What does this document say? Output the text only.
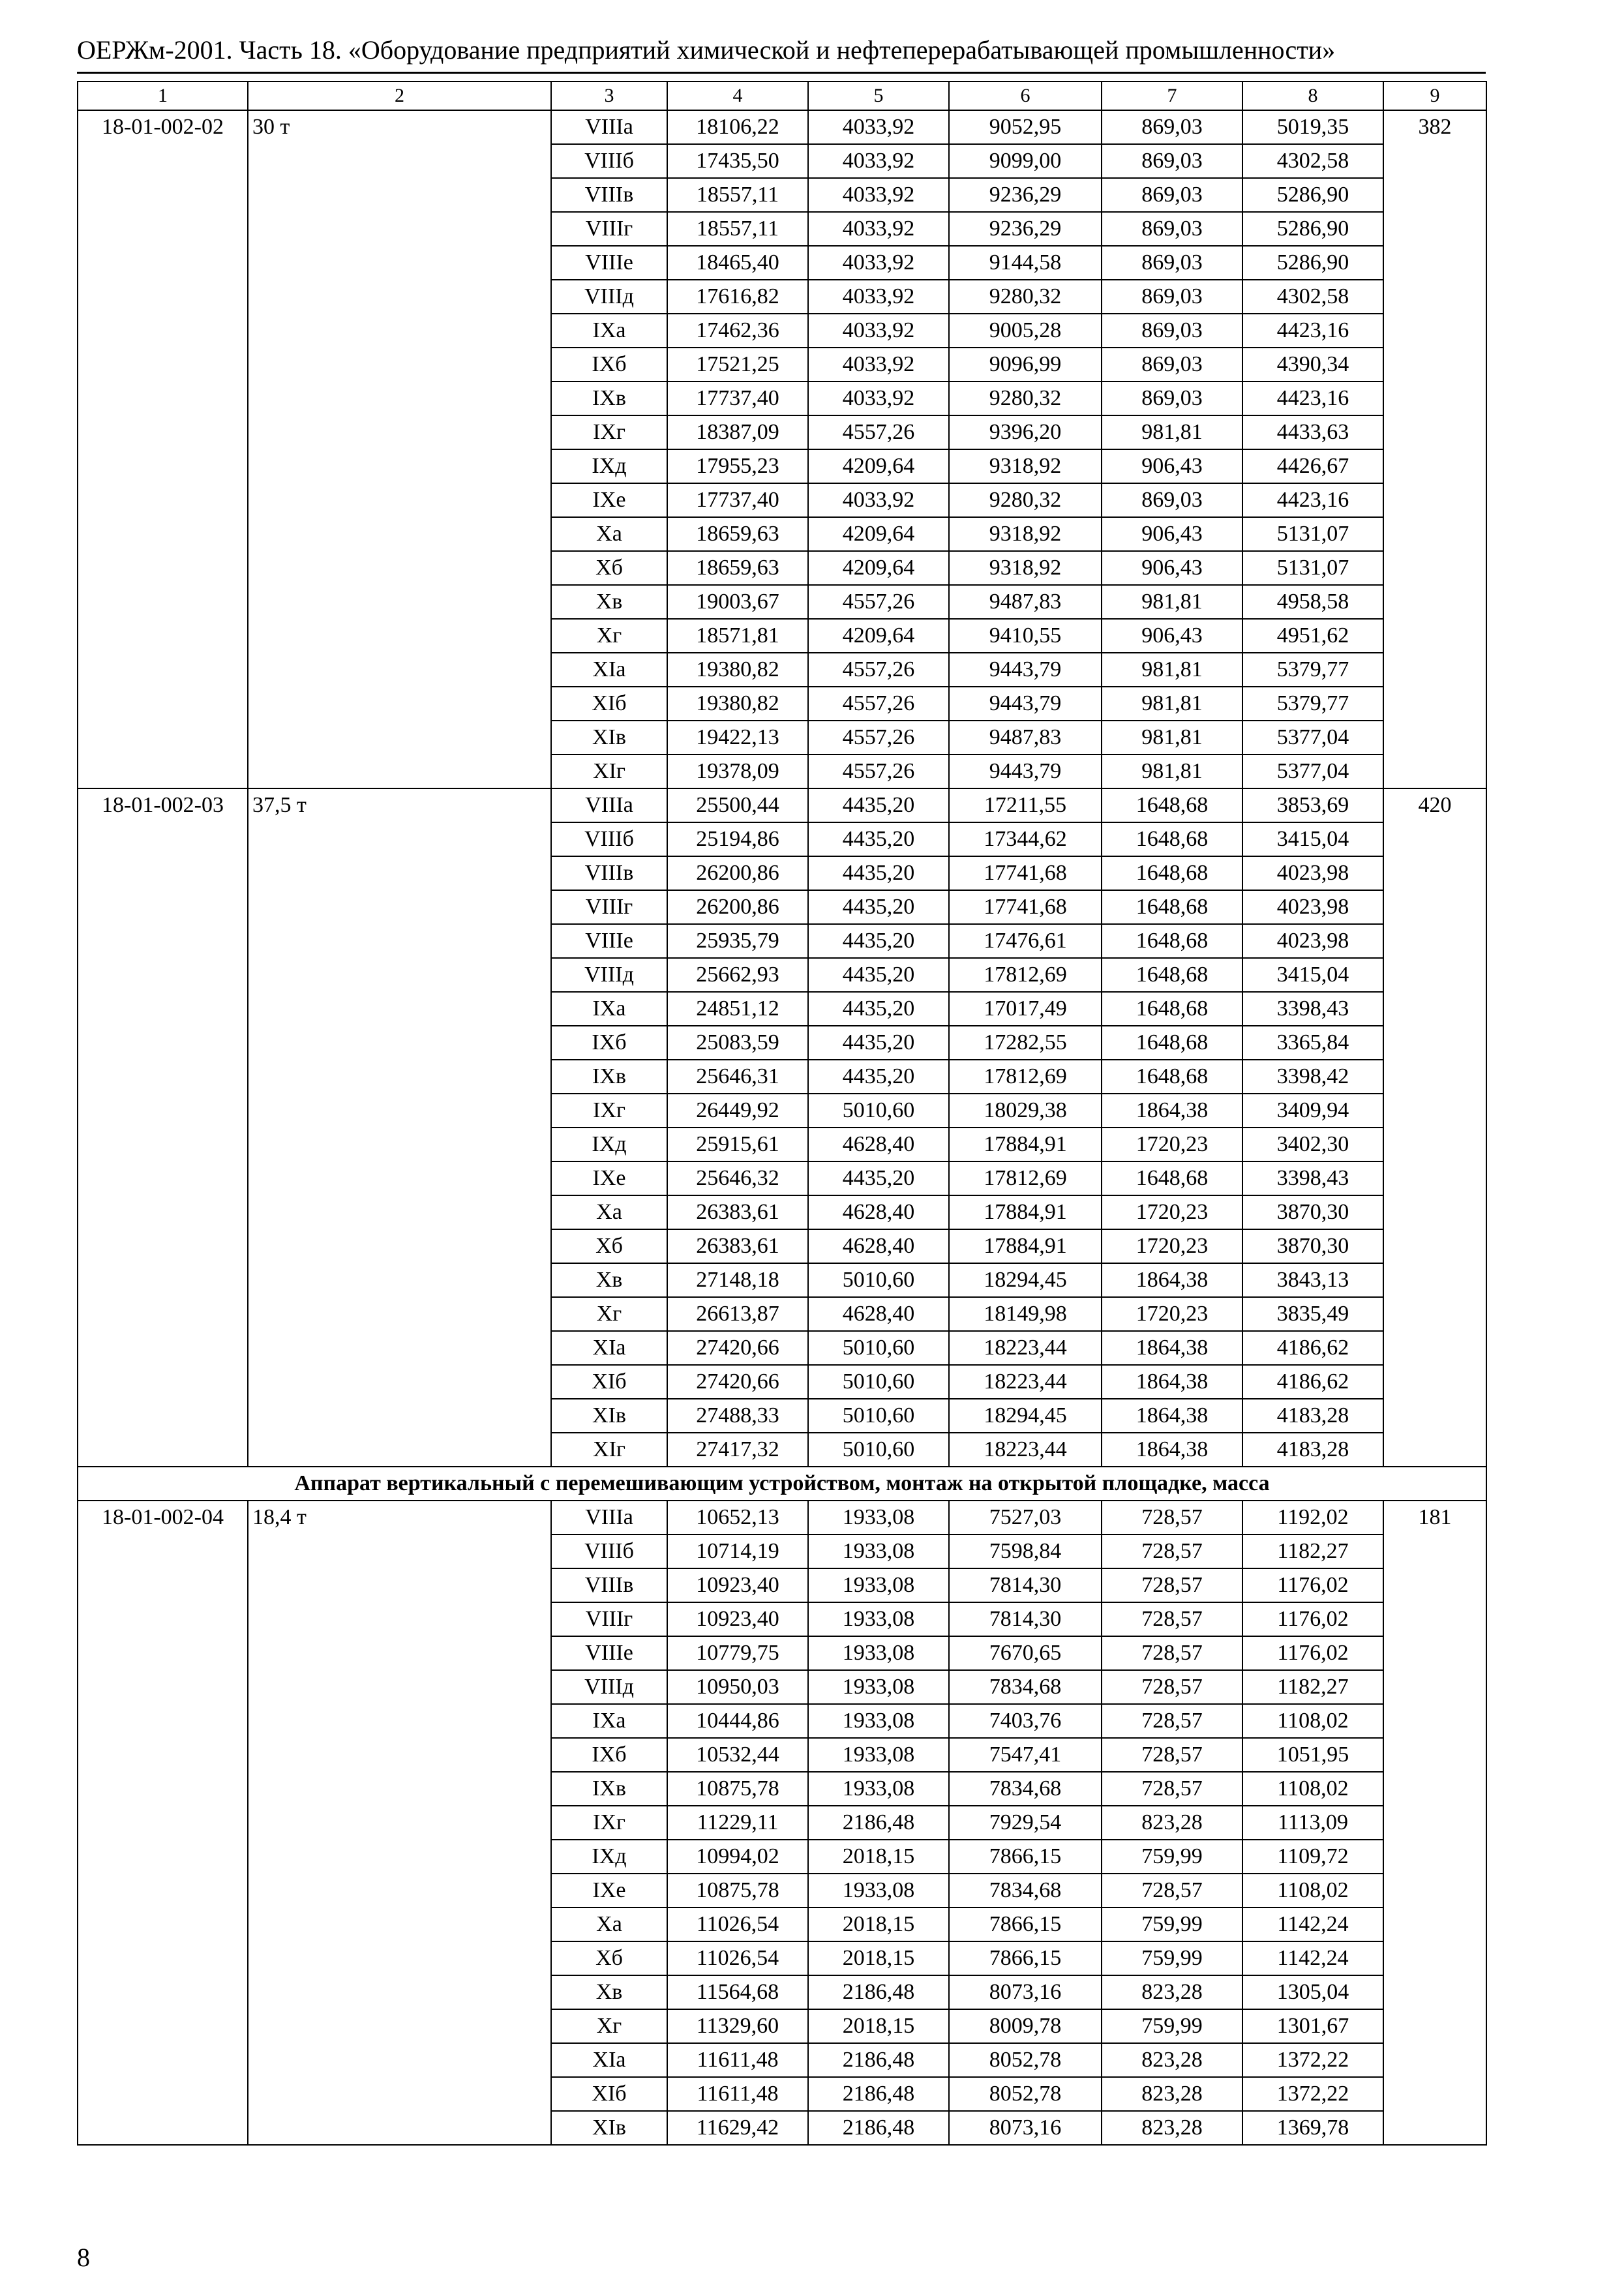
ОЕРЖм-2001. Часть 18. «Оборудование предприятий химической и нефтеперерабатывающей промышленности»
1	2	3	4	5	6	7	8	9
18-01-002-02	30 т	VIIIа	18106,22	4033,92	9052,95	869,03	5019,35	382
		VIIIб	17435,50	4033,92	9099,00	869,03	4302,58	
		VIIIв	18557,11	4033,92	9236,29	869,03	5286,90	
		VIIIг	18557,11	4033,92	9236,29	869,03	5286,90	
		VIIIе	18465,40	4033,92	9144,58	869,03	5286,90	
		VIIIд	17616,82	4033,92	9280,32	869,03	4302,58	
		IXа	17462,36	4033,92	9005,28	869,03	4423,16	
		IXб	17521,25	4033,92	9096,99	869,03	4390,34	
		IXв	17737,40	4033,92	9280,32	869,03	4423,16	
		IXг	18387,09	4557,26	9396,20	981,81	4433,63	
		IXд	17955,23	4209,64	9318,92	906,43	4426,67	
		IXе	17737,40	4033,92	9280,32	869,03	4423,16	
		Xа	18659,63	4209,64	9318,92	906,43	5131,07	
		Xб	18659,63	4209,64	9318,92	906,43	5131,07	
		Xв	19003,67	4557,26	9487,83	981,81	4958,58	
		Xг	18571,81	4209,64	9410,55	906,43	4951,62	
		XIа	19380,82	4557,26	9443,79	981,81	5379,77	
		XIб	19380,82	4557,26	9443,79	981,81	5379,77	
		XIв	19422,13	4557,26	9487,83	981,81	5377,04	
		XIг	19378,09	4557,26	9443,79	981,81	5377,04	
18-01-002-03	37,5 т	VIIIа	25500,44	4435,20	17211,55	1648,68	3853,69	420
		VIIIб	25194,86	4435,20	17344,62	1648,68	3415,04	
		VIIIв	26200,86	4435,20	17741,68	1648,68	4023,98	
		VIIIг	26200,86	4435,20	17741,68	1648,68	4023,98	
		VIIIе	25935,79	4435,20	17476,61	1648,68	4023,98	
		VIIIд	25662,93	4435,20	17812,69	1648,68	3415,04	
		IXа	24851,12	4435,20	17017,49	1648,68	3398,43	
		IXб	25083,59	4435,20	17282,55	1648,68	3365,84	
		IXв	25646,31	4435,20	17812,69	1648,68	3398,42	
		IXг	26449,92	5010,60	18029,38	1864,38	3409,94	
		IXд	25915,61	4628,40	17884,91	1720,23	3402,30	
		IXе	25646,32	4435,20	17812,69	1648,68	3398,43	
		Xа	26383,61	4628,40	17884,91	1720,23	3870,30	
		Xб	26383,61	4628,40	17884,91	1720,23	3870,30	
		Xв	27148,18	5010,60	18294,45	1864,38	3843,13	
		Xг	26613,87	4628,40	18149,98	1720,23	3835,49	
		XIа	27420,66	5010,60	18223,44	1864,38	4186,62	
		XIб	27420,66	5010,60	18223,44	1864,38	4186,62	
		XIв	27488,33	5010,60	18294,45	1864,38	4183,28	
		XIг	27417,32	5010,60	18223,44	1864,38	4183,28	
Аппарат вертикальный с перемешивающим устройством, монтаж на открытой площадке, масса								
18-01-002-04	18,4 т	VIIIа	10652,13	1933,08	7527,03	728,57	1192,02	181
		VIIIб	10714,19	1933,08	7598,84	728,57	1182,27	
		VIIIв	10923,40	1933,08	7814,30	728,57	1176,02	
		VIIIг	10923,40	1933,08	7814,30	728,57	1176,02	
		VIIIе	10779,75	1933,08	7670,65	728,57	1176,02	
		VIIIд	10950,03	1933,08	7834,68	728,57	1182,27	
		IXа	10444,86	1933,08	7403,76	728,57	1108,02	
		IXб	10532,44	1933,08	7547,41	728,57	1051,95	
		IXв	10875,78	1933,08	7834,68	728,57	1108,02	
		IXг	11229,11	2186,48	7929,54	823,28	1113,09	
		IXд	10994,02	2018,15	7866,15	759,99	1109,72	
		IXе	10875,78	1933,08	7834,68	728,57	1108,02	
		Xа	11026,54	2018,15	7866,15	759,99	1142,24	
		Xб	11026,54	2018,15	7866,15	759,99	1142,24	
		Xв	11564,68	2186,48	8073,16	823,28	1305,04	
		Xг	11329,60	2018,15	8009,78	759,99	1301,67	
		XIа	11611,48	2186,48	8052,78	823,28	1372,22	
		XIб	11611,48	2186,48	8052,78	823,28	1372,22	
		XIв	11629,42	2186,48	8073,16	823,28	1369,78	
8
